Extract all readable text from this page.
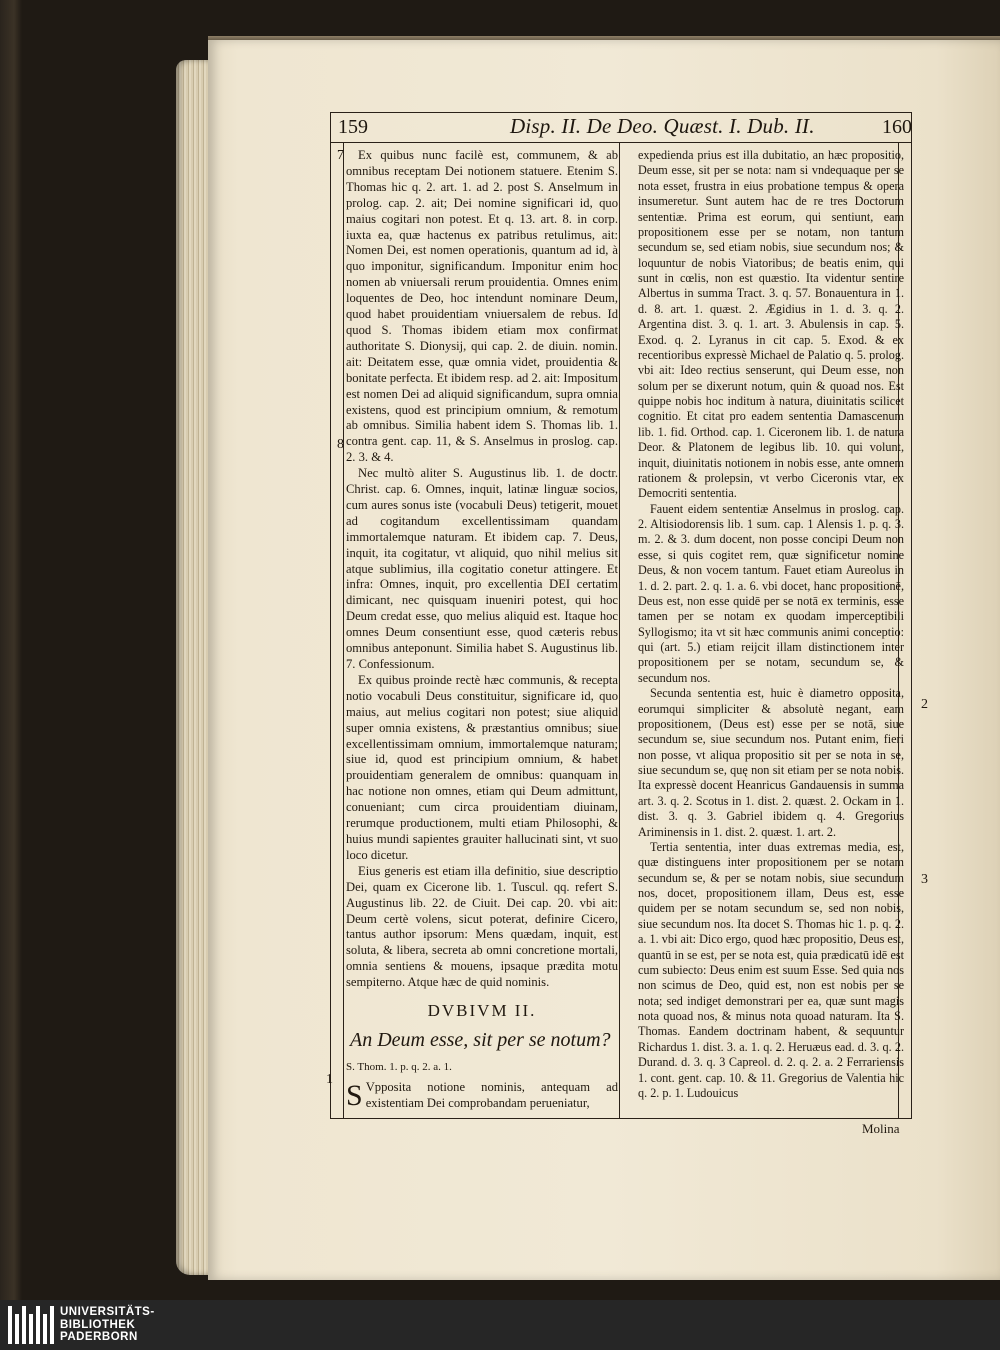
159	Disp. II. De Deo. Quæst. I. Dub. II.	160
7
8
1
2
3

Ex quibus nunc facilè est, communem, & ab omnibus receptam Dei notionem statuere. Etenim S. Thomas hic q. 2. art. 1. ad 2. post S. Anselmum in prolog. cap. 2. ait; Dei nomine significari id, quo maius cogitari non potest. Et q. 13. art. 8. in corp. iuxta ea, quæ hactenus ex patribus retulimus, ait: Nomen Dei, est nomen operationis, quantum ad id, à quo imponitur, significandum. Imponitur enim hoc nomen ab vniuersali rerum prouidentia. Omnes enim loquentes de Deo, hoc intendunt nominare Deum, quod habet prouidentiam vniuersalem de rebus. Id quod S. Thomas ibidem etiam mox confirmat authoritate S. Dionysij, qui cap. 2. de diuin. nomin. ait: Deitatem esse, quæ omnia videt, prouidentia & bonitate perfecta. Et ibidem resp. ad 2. ait: Impositum est nomen Dei ad aliquid significandum, supra omnia existens, quod est principium omnium, & remotum ab omnibus. Similia habent idem S. Thomas lib. 1. contra gent. cap. 11, & S. Anselmus in proslog. cap. 2. 3. & 4.

Nec multò aliter S. Augustinus lib. 1. de doctr. Christ. cap. 6. Omnes, inquit, latinæ linguæ socios, cum aures sonus iste (vocabuli Deus) tetigerit, mouet ad cogitandum excellentissimam quandam immortalemque naturam. Et ibidem cap. 7. Deus, inquit, ita cogitatur, vt aliquid, quo nihil melius sit atque sublimius, illa cogitatio conetur attingere. Et infra: Omnes, inquit, pro excellentia DEI certatim dimicant, nec quisquam inueniri potest, qui hoc Deum credat esse, quo melius aliquid est. Itaque hoc omnes Deum consentiunt esse, quod cæteris rebus omnibus anteponunt. Similia habet S. Augustinus lib. 7. Confessionum.

Ex quibus proinde rectè hæc communis, & recepta notio vocabuli Deus constituitur, significare id, quo maius, aut melius cogitari non potest; siue aliquid super omnia existens, & præstantius omnibus; siue excellentissimam omnium, immortalemque naturam; siue id, quod est principium omnium, & habet prouidentiam generalem de omnibus: quanquam in hac notione non omnes, etiam qui Deum admittunt, conueniant; cum circa prouidentiam diuinam, rerumque productionem, multi etiam Philosophi, & huius mundi sapientes grauiter hallucinati sint, vt suo loco dicetur.

Eius generis est etiam illa definitio, siue descriptio Dei, quam ex Cicerone lib. 1. Tuscul. qq. refert S. Augustinus lib. 22. de Ciuit. Dei cap. 20. vbi ait: Deum certè volens, sicut poterat, definire Cicero, tantus author ipsorum: Mens quædam, inquit, est soluta, & libera, secreta ab omni concretione mortali, omnia sentiens & mouens, ipsaque prædita motu sempiterno. Atque hæc de quid nominis.

DVBIVM II.

An Deum esse, sit per se notum?

S. Thom. 1. p. q. 2. a. 1.

S Vpposita notione nominis, antequam ad existentiam Dei comprobandam perueniatur,

expedienda prius est illa dubitatio, an hæc propositio, Deum esse, sit per se nota: nam si vndequaque per se nota esset, frustra in eius probatione tempus & opera insumeretur. Sunt autem hac de re tres Doctorum sententiæ. Prima est eorum, qui sentiunt, eam propositionem esse per se notam, non tantum secundum se, sed etiam nobis, siue secundum nos; & loquuntur de nobis Viatoribus; de beatis enim, qui sunt in cœlis, non est quæstio. Ita videntur sentire Albertus in summa Tract. 3. q. 57. Bonauentura in 1. d. 8. art. 1. quæst. 2. Ægidius in 1. d. 3. q. 2. Argentina dist. 3. q. 1. art. 3. Abulensis in cap. 5. Exod. q. 2. Lyranus in cit cap. 5. Exod. & ex recentioribus expressè Michael de Palatio q. 5. prolog. vbi ait: Ideo rectius senserunt, qui Deum esse, non solum per se dixerunt notum, quin & quoad nos. Est quippe nobis hoc inditum à natura, diuinitatis scilicet cognitio. Et citat pro eadem sententia Damascenum lib. 1. fid. Orthod. cap. 1. Ciceronem lib. 1. de natura Deor. & Platonem de legibus lib. 10. qui volunt, inquit, diuinitatis notionem in nobis esse, ante omnem rationem & prolepsin, vt verbo Ciceronis vtar, ex Democriti sententia.

Fauent eidem sententiæ Anselmus in proslog. cap. 2. Altisiodorensis lib. 1 sum. cap. 1 Alensis 1. p. q. 3. m. 2. & 3. dum docent, non posse concipi Deum non esse, si quis cogitet rem, quæ significetur nomine Deus, & non vocem tantum. Fauet etiam Aureolus in 1. d. 2. part. 2. q. 1. a. 6. vbi docet, hanc propositionē, Deus est, non esse quidē per se notā ex terminis, esse tamen per se notam ex quodam imperceptibili Syllogismo; ita vt sit hæc communis animi conceptio: qui (art. 5.) etiam reijcit illam distinctionem inter propositionem per se notam, secundum se, & secundum nos.

Secunda sententia est, huic è diametro opposita, eorumqui simpliciter & absolutè negant, eam propositionem, (Deus est) esse per se notā, siue secundum se, siue secundum nos. Putant enim, fieri non posse, vt aliqua propositio sit per se nota in se, siue secundum se, quę non sit etiam per se nota nobis. Ita expressè docent Heanricus Gandauensis in summa art. 3. q. 2. Scotus in 1. dist. 2. quæst. 2. Ockam in 1. dist. 3. q. 3. Gabriel ibidem q. 4. Gregorius Ariminensis in 1. dist. 2. quæst. 1. art. 2.

Tertia sententia, inter duas extremas media, est, quæ distinguens inter propositionem per se notam secundum se, & per se notam nobis, siue secundum nos, docet, propositionem illam, Deus est, esse quidem per se notam secundum se, sed non nobis, siue secundum nos. Ita docet S. Thomas hic 1. p. q. 2. a. 1. vbi ait: Dico ergo, quod hæc propositio, Deus est, quantū in se est, per se nota est, quia prædicatū idē est cum subiecto: Deus enim est suum Esse. Sed quia nos non scimus de Deo, quid est, non est nobis per se nota; sed indiget demonstrari per ea, quæ sunt magis nota quoad nos, & minus nota quoad naturam. Ita S. Thomas. Eandem doctrinam habent, & sequuntur Richardus 1. dist. 3. a. 1. q. 2. Heruæus ead. d. 3. q. 2. Durand. d. 3. q. 3 Capreol. d. 2. q. 2. a. 2 Ferrariensis 1. cont. gent. cap. 10. & 11. Gregorius de Valentia hic q. 2. p. 1. Ludouicus

Molina
UNIVERSITÄTS-
BIBLIOTHEK
PADERBORN
